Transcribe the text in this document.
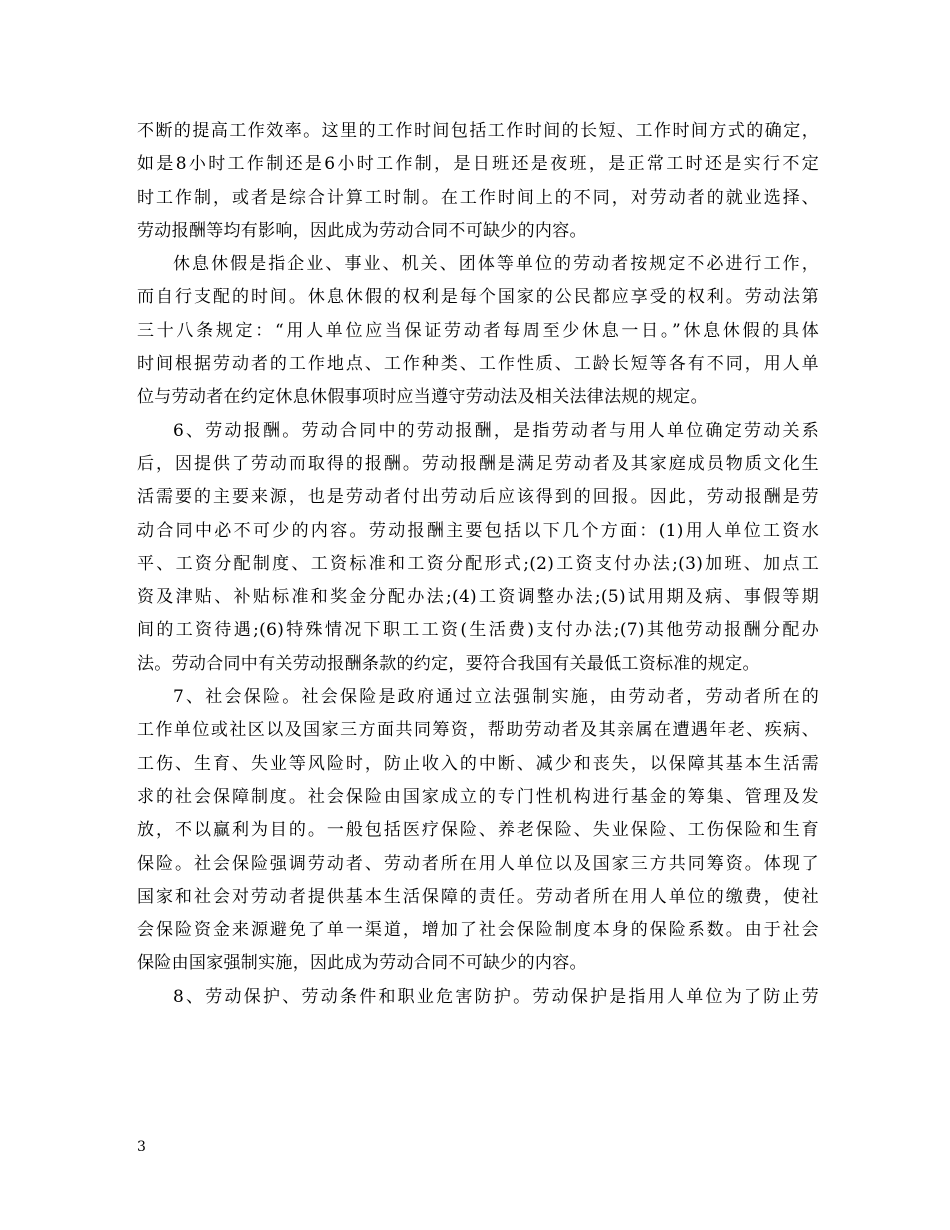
不断的提高工作效率。这里的工作时间包括工作时间的长短、工作时间方式的确定，
如是8小时工作制还是6小时工作制，是日班还是夜班，是正常工时还是实行不定
时工作制，或者是综合计算工时制。在工作时间上的不同，对劳动者的就业选择、
劳动报酬等均有影响，因此成为劳动合同不可缺少的内容。
休息休假是指企业、事业、机关、团体等单位的劳动者按规定不必进行工作，
而自行支配的时间。休息休假的权利是每个国家的公民都应享受的权利。劳动法第
三十八条规定：“用人单位应当保证劳动者每周至少休息一日。”休息休假的具体
时间根据劳动者的工作地点、工作种类、工作性质、工龄长短等各有不同，用人单
位与劳动者在约定休息休假事项时应当遵守劳动法及相关法律法规的规定。
6、劳动报酬。劳动合同中的劳动报酬，是指劳动者与用人单位确定劳动关系
后，因提供了劳动而取得的报酬。劳动报酬是满足劳动者及其家庭成员物质文化生
活需要的主要来源，也是劳动者付出劳动后应该得到的回报。因此，劳动报酬是劳
动合同中必不可少的内容。劳动报酬主要包括以下几个方面：(1)用人单位工资水
平、工资分配制度、工资标准和工资分配形式;(2)工资支付办法;(3)加班、加点工
资及津贴、补贴标准和奖金分配办法;(4)工资调整办法;(5)试用期及病、事假等期
间的工资待遇;(6)特殊情况下职工工资(生活费)支付办法;(7)其他劳动报酬分配办
法。劳动合同中有关劳动报酬条款的约定，要符合我国有关最低工资标准的规定。
7、社会保险。社会保险是政府通过立法强制实施，由劳动者，劳动者所在的
工作单位或社区以及国家三方面共同筹资，帮助劳动者及其亲属在遭遇年老、疾病、
工伤、生育、失业等风险时，防止收入的中断、减少和丧失，以保障其基本生活需
求的社会保障制度。社会保险由国家成立的专门性机构进行基金的筹集、管理及发
放，不以赢利为目的。一般包括医疗保险、养老保险、失业保险、工伤保险和生育
保险。社会保险强调劳动者、劳动者所在用人单位以及国家三方共同筹资。体现了
国家和社会对劳动者提供基本生活保障的责任。劳动者所在用人单位的缴费，使社
会保险资金来源避免了单一渠道，增加了社会保险制度本身的保险系数。由于社会
保险由国家强制实施，因此成为劳动合同不可缺少的内容。
8、劳动保护、劳动条件和职业危害防护。劳动保护是指用人单位为了防止劳
3
